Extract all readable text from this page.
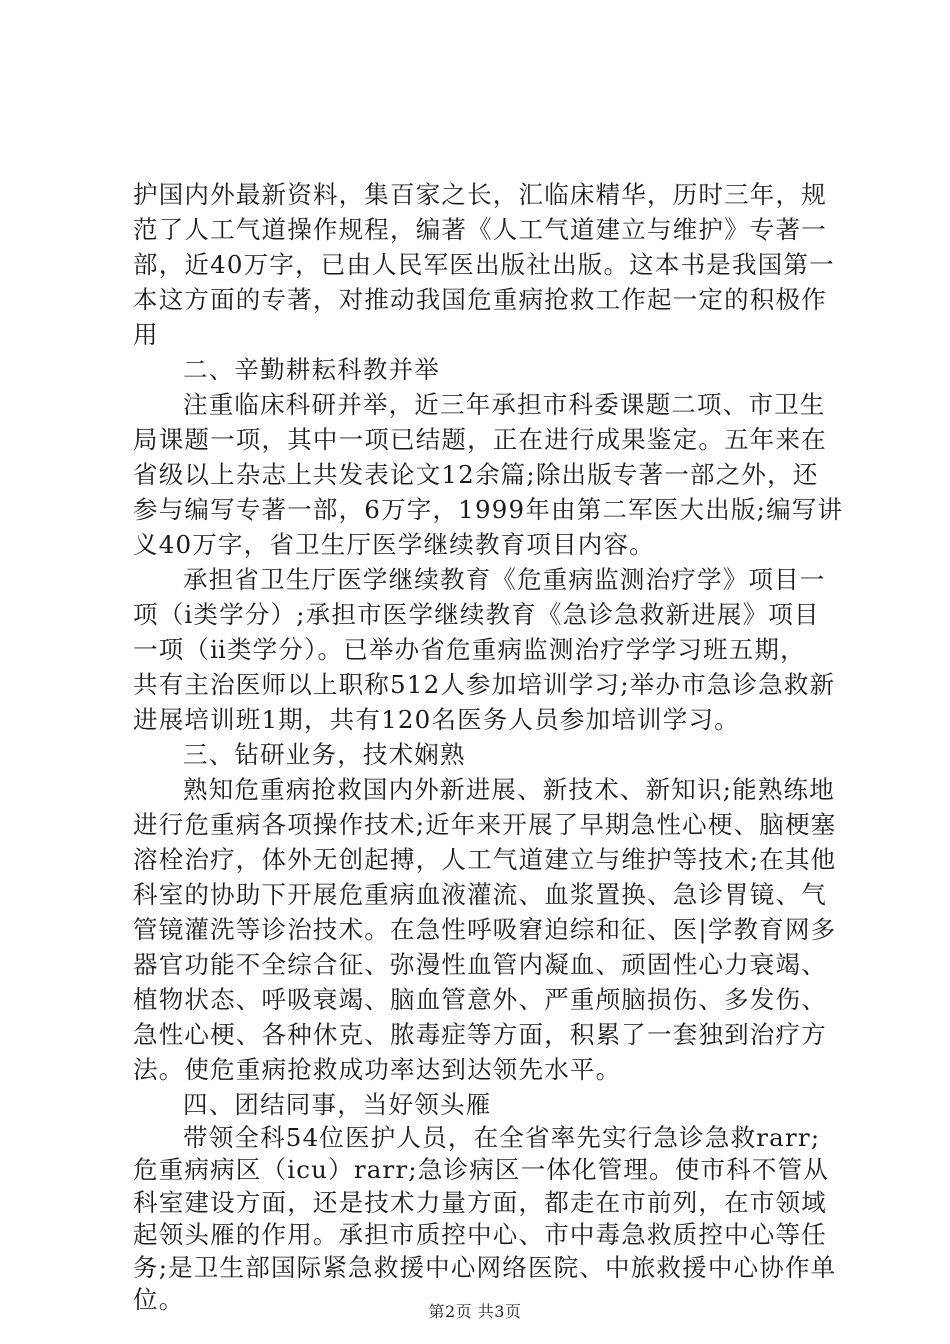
护国内外最新资料，集百家之长，汇临床精华，历时三年，规
范了人工气道操作规程，编著《人工气道建立与维护》专著一
部，近40万字，已由人民军医出版社出版。这本书是我国第一
本这方面的专著，对推动我国危重病抢救工作起一定的积极作
用
二、辛勤耕耘科教并举
注重临床科研并举，近三年承担市科委课题二项、市卫生
局课题一项，其中一项已结题，正在进行成果鉴定。五年来在
省级以上杂志上共发表论文12余篇;除出版专著一部之外，还
参与编写专著一部，6万字，1999年由第二军医大出版;编写讲
义40万字，省卫生厅医学继续教育项目内容。
承担省卫生厅医学继续教育《危重病监测治疗学》项目一
项（ⅰ类学分）;承担市医学继续教育《急诊急救新进展》项目
一项（ⅱ类学分）。已举办省危重病监测治疗学学习班五期，
共有主治医师以上职称512人参加培训学习;举办市急诊急救新
进展培训班1期，共有120名医务人员参加培训学习。
三、钻研业务，技术娴熟
熟知危重病抢救国内外新进展、新技术、新知识;能熟练地
进行危重病各项操作技术;近年来开展了早期急性心梗、脑梗塞
溶栓治疗，体外无创起搏，人工气道建立与维护等技术;在其他
科室的协助下开展危重病血液灌流、血浆置换、急诊胃镜、气
管镜灌洗等诊治技术。在急性呼吸窘迫综和征、医|学教育网多
器官功能不全综合征、弥漫性血管内凝血、顽固性心力衰竭、
植物状态、呼吸衰竭、脑血管意外、严重颅脑损伤、多发伤、
急性心梗、各种休克、脓毒症等方面，积累了一套独到治疗方
法。使危重病抢救成功率达到达领先水平。
四、团结同事，当好领头雁
带领全科54位医护人员，在全省率先实行急诊急救rarr;
危重病病区（icu）rarr;急诊病区一体化管理。使市科不管从
科室建设方面，还是技术力量方面，都走在市前列，在市领域
起领头雁的作用。承担市质控中心、市中毒急救质控中心等任
务;是卫生部国际紧急救援中心网络医院、中旅救援中心协作单
第2页 共3页
位。
